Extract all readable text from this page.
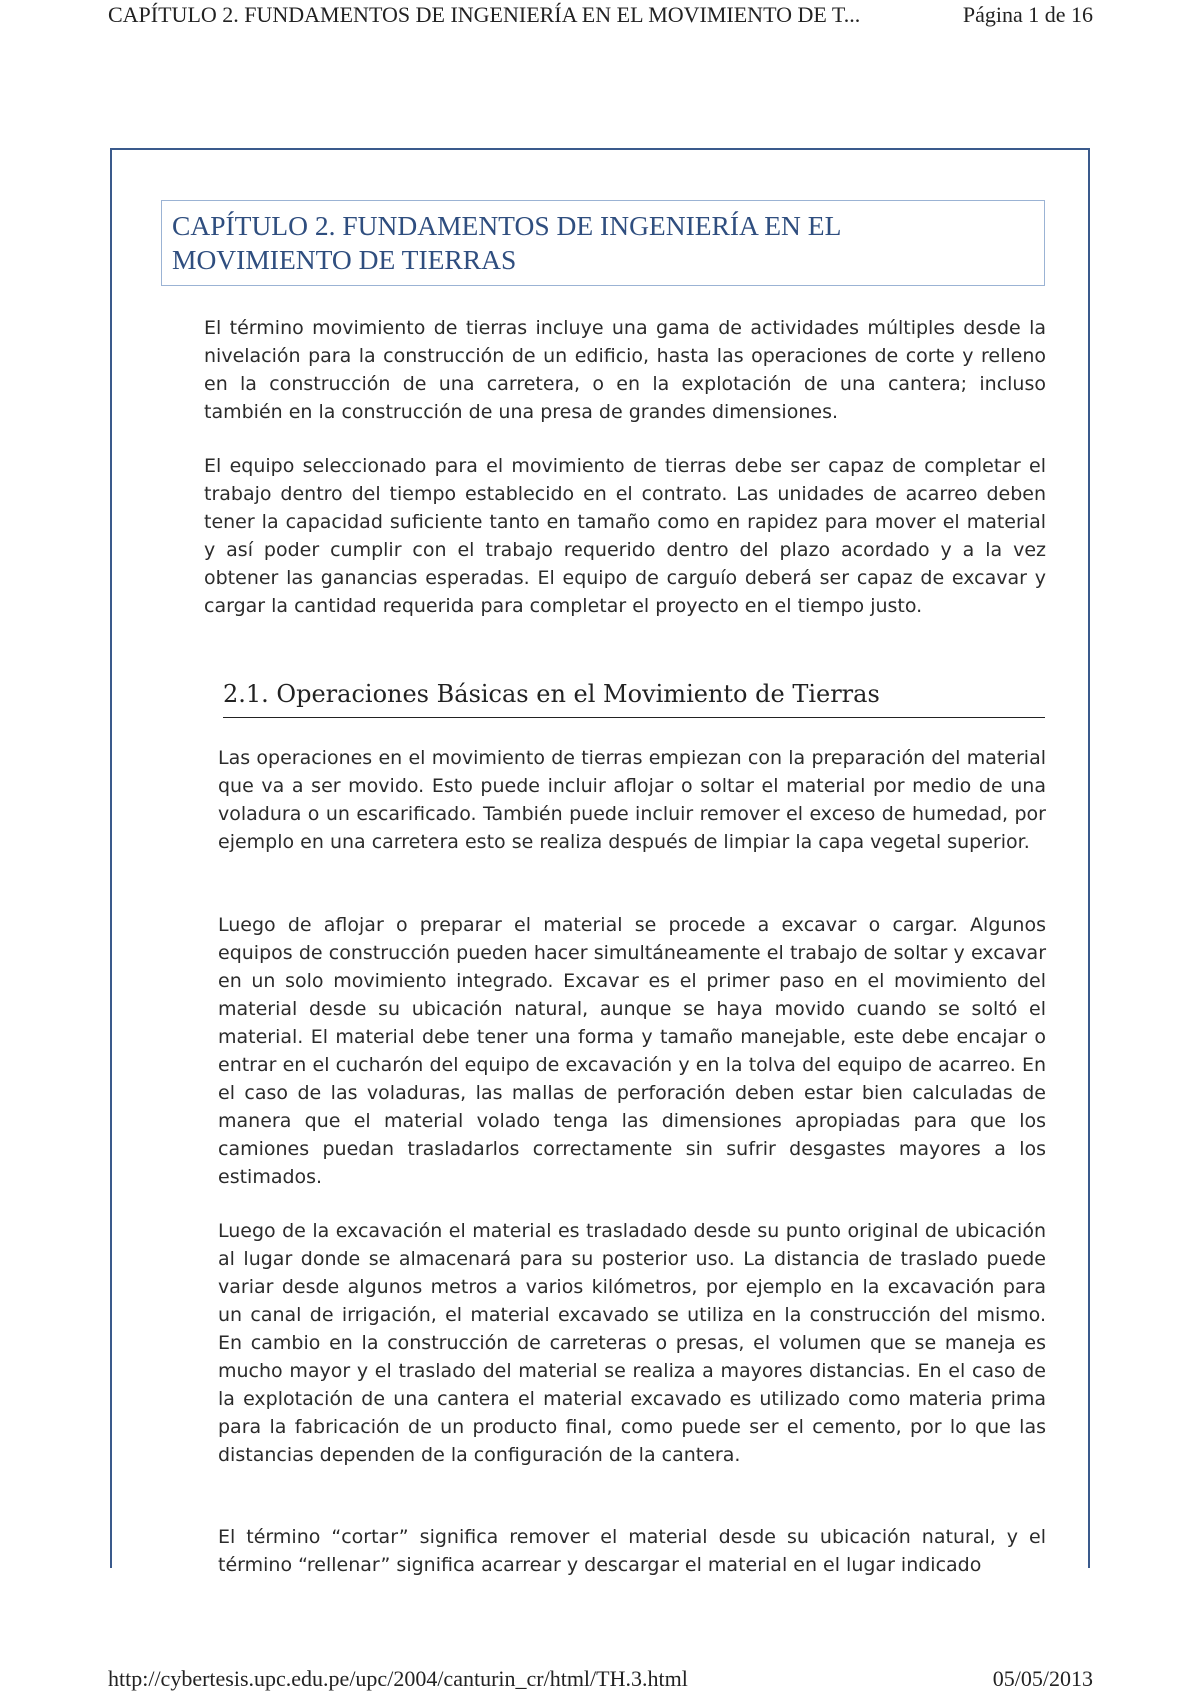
CAPÍTULO 2. FUNDAMENTOS DE INGENIERÍA EN EL MOVIMIENTO DE T...	Página 1 de 16
CAPÍTULO 2. FUNDAMENTOS DE INGENIERÍA EN EL
MOVIMIENTO DE TIERRAS

El término movimiento de tierras incluye una gama de actividades múltiples desde la nivelación para la construcción de un edificio, hasta las operaciones de corte y relleno en la construcción de una carretera, o en la explotación de una cantera; incluso también en la construcción de una presa de grandes dimensiones.

El equipo seleccionado para el movimiento de tierras debe ser capaz de completar el trabajo dentro del tiempo establecido en el contrato. Las unidades de acarreo deben tener la capacidad suficiente tanto en tamaño como en rapidez para mover el material y así poder cumplir con el trabajo requerido dentro del plazo acordado y a la vez obtener las ganancias esperadas. El equipo de carguío deberá ser capaz de excavar y cargar la cantidad requerida para completar el proyecto en el tiempo justo.

2.1. Operaciones Básicas en el Movimiento de Tierras

Las operaciones en el movimiento de tierras empiezan con la preparación del material que va a ser movido. Esto puede incluir aflojar o soltar el material por medio de una voladura o un escarificado. También puede incluir remover el exceso de humedad, por ejemplo en una carretera esto se realiza después de limpiar la capa vegetal superior.

Luego de aflojar o preparar el material se procede a excavar o cargar. Algunos equipos de construcción pueden hacer simultáneamente el trabajo de soltar y excavar en un solo movimiento integrado. Excavar es el primer paso en el movimiento del material desde su ubicación natural, aunque se haya movido cuando se soltó el material. El material debe tener una forma y tamaño manejable, este debe encajar o entrar en el cucharón del equipo de excavación y en la tolva del equipo de acarreo. En el caso de las voladuras, las mallas de perforación deben estar bien calculadas de manera que el material volado tenga las dimensiones apropiadas para que los camiones puedan trasladarlos correctamente sin sufrir desgastes mayores a los estimados.

Luego de la excavación el material es trasladado desde su punto original de ubicación al lugar donde se almacenará para su posterior uso. La distancia de traslado puede variar desde algunos metros a varios kilómetros, por ejemplo en la excavación para un canal de irrigación, el material excavado se utiliza en la construcción del mismo. En cambio en la construcción de carreteras o presas, el volumen que se maneja es mucho mayor y el traslado del material se realiza a mayores distancias. En el caso de la explotación de una cantera el material excavado es utilizado como materia prima para la fabricación de un producto final, como puede ser el cemento, por lo que las distancias dependen de la configuración de la cantera.

El término “cortar” significa remover el material desde su ubicación natural, y el término “rellenar” significa acarrear y descargar el material en el lugar indicado

http://cybertesis.upc.edu.pe/upc/2004/canturin_cr/html/TH.3.html	05/05/2013
